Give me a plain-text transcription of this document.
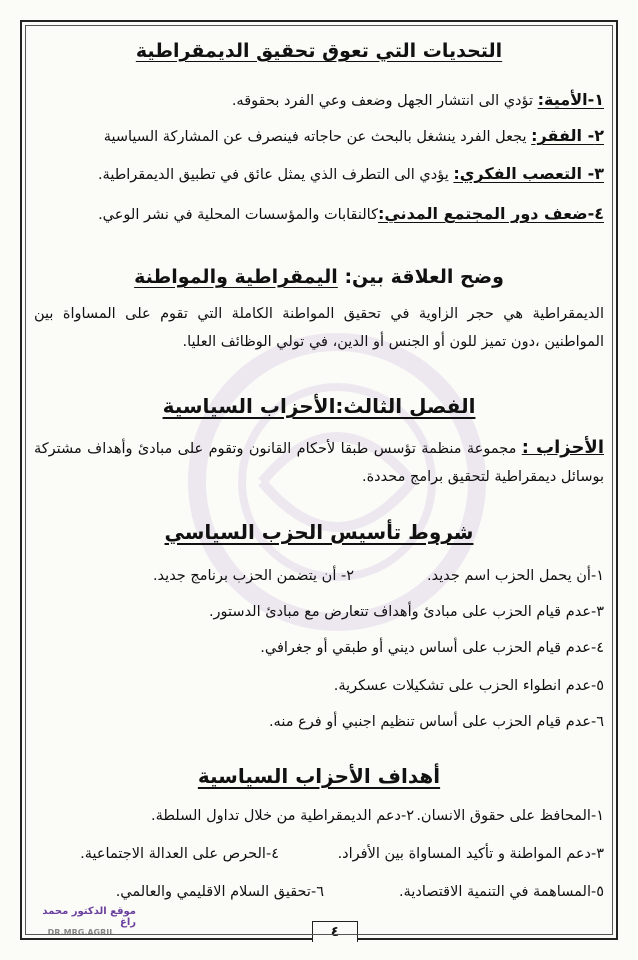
التحديات التي تعوق تحقيق الديمقراطية
١-الأمية: تؤدي الى انتشار الجهل وضعف وعي الفرد بحقوقه.
٢- الفقر: يجعل الفرد ينشغل بالبحث عن حاجاته فينصرف عن المشاركة السياسية
٣- التعصب الفكري: يؤدي الى التطرف الذي يمثل عائق في تطبيق الديمقراطية.
٤-ضعف دور المجتمع المدني:كالنقابات والمؤسسات المحلية في نشر الوعي.
وضح العلاقة بين: اليمقراطية والمواطنة
الديمقراطية هي حجر الزاوية في تحقيق المواطنة الكاملة التي تقوم على المساواة بين المواطنين ،دون تميز للون أو الجنس أو الدين، في تولي الوظائف العليا.
الفصل الثالث:الأحزاب السياسية
الأحزاب : مجموعة منظمة تؤسس طبقا لأحكام القانون وتقوم على مبادئ وأهداف مشتركة بوسائل ديمقراطية لتحقيق برامج محددة.
شروط تأسيس الحزب السياسي
١-أن يحمل الحزب اسم جديد.
٢- أن يتضمن الحزب برنامج جديد.
٣-عدم قيام الحزب على مبادئ وأهداف تتعارض مع مبادئ الدستور.
٤-عدم قيام الحزب على أساس ديني أو طبقي أو جغرافي.
٥-عدم انطواء الحزب على تشكيلات عسكرية.
٦-عدم قيام الحزب على أساس تنظيم اجنبي أو فرع منه.
أهداف الأحزاب السياسية
١-المحافظ على حقوق الانسان.
٢-دعم الديمقراطية من خلال تداول السلطة.
٣-دعم المواطنة و تأكيد المساواة بين الأفراد.
٤-الحرص على العدالة الاجتماعية.
٥-المساهمة في التنمية الاقتصادية.
٦-تحقيق السلام الاقليمي والعالمي.
٤
موقع الدكتور محمد راغ
DR.MRG.AGRIL
